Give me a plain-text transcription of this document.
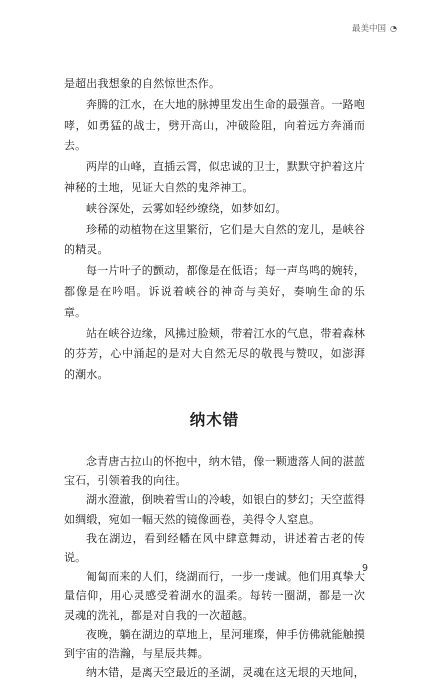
最美中国 ◔

是超出我想象的自然惊世杰作。

奔腾的江水，在大地的脉搏里发出生命的最强音。一路咆哮，如勇猛的战士，劈开高山，冲破险阻，向着远方奔涌而去。

两岸的山峰，直插云霄，似忠诚的卫士，默默守护着这片神秘的土地，见证大自然的鬼斧神工。

峡谷深处，云雾如轻纱缭绕，如梦如幻。

珍稀的动植物在这里繁衍，它们是大自然的宠儿，是峡谷的精灵。

每一片叶子的颤动，都像是在低语；每一声鸟鸣的婉转，都像是在吟唱。诉说着峡谷的神奇与美好，奏响生命的乐章。

站在峡谷边缘，风拂过脸颊，带着江水的气息，带着森林的芬芳，心中涌起的是对大自然无尽的敬畏与赞叹，如澎湃的潮水。

纳木错

念青唐古拉山的怀抱中，纳木错，像一颗遗落人间的湛蓝宝石，引领着我的向往。

湖水澄澈，倒映着雪山的冷峻，如银白的梦幻；天空蓝得如绸缎，宛如一幅天然的镜像画卷，美得令人窒息。

我在湖边，看到经幡在风中肆意舞动，讲述着古老的传说。

匍匐而来的人们，绕湖而行，一步一虔诚。他们用真挚大量信仰，用心灵感受着湖水的温柔。每转一圈湖，都是一次灵魂的洗礼，都是对自我的一次超越。

夜晚，躺在湖边的草地上，星河璀璨，伸手仿佛就能触摸到宇宙的浩瀚，与星辰共舞。

纳木错，是离天空最近的圣湖，灵魂在这无垠的天地间，

9
